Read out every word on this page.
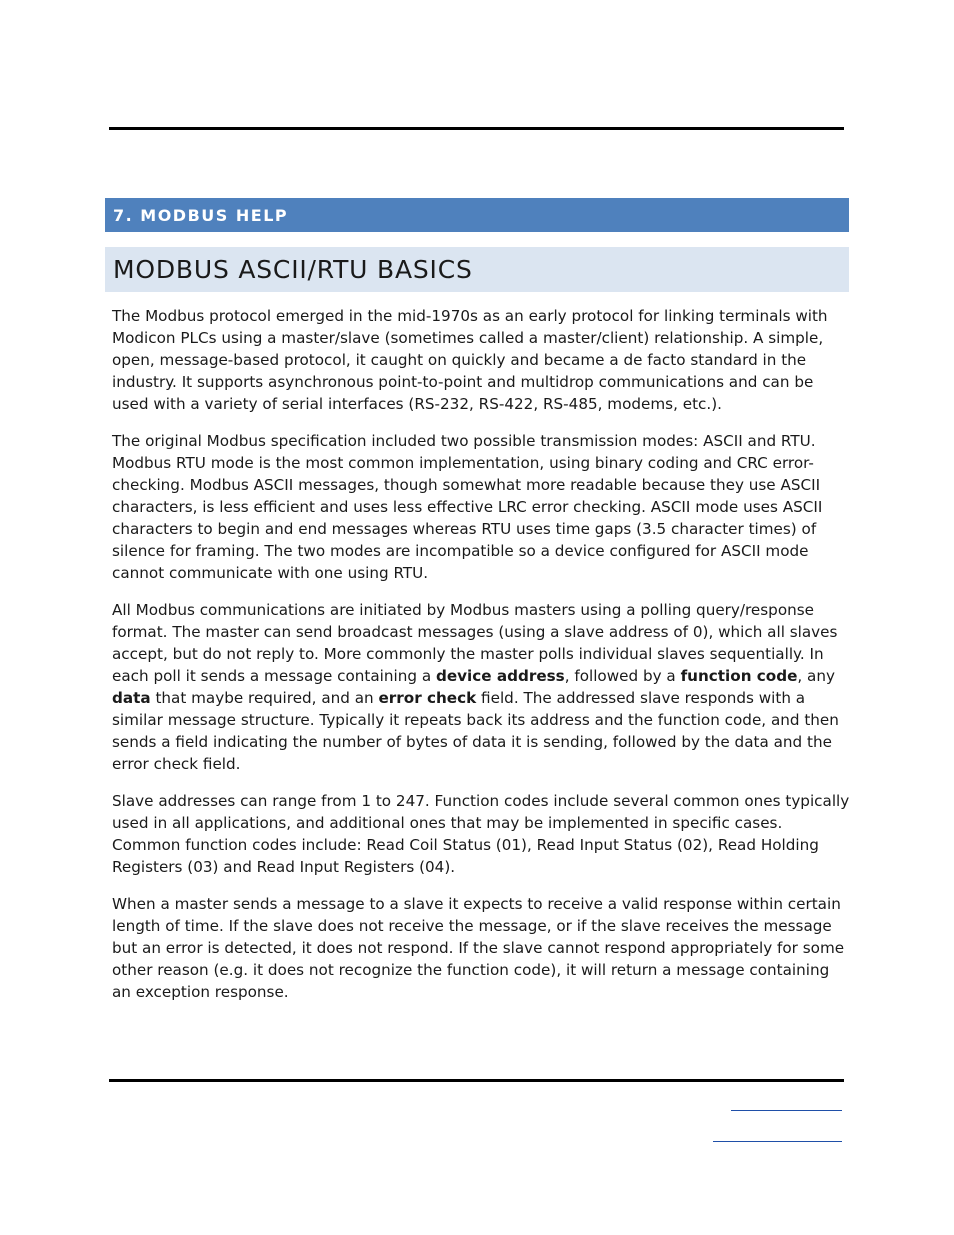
7. MODBUS HELP
MODBUS ASCII/RTU BASICS

The Modbus protocol emerged in the mid-1970s as an early protocol for linking terminals with Modicon PLCs using a master/slave (sometimes called a master/client) relationship. A simple, open, message-based protocol, it caught on quickly and became a de facto standard in the industry. It supports asynchronous point-to-point and multidrop communications and can be used with a variety of serial interfaces (RS-232, RS-422, RS-485, modems, etc.).

The original Modbus specification included two possible transmission modes: ASCII and RTU. Modbus RTU mode is the most common implementation, using binary coding and CRC error-checking. Modbus ASCII messages, though somewhat more readable because they use ASCII characters, is less efficient and uses less effective LRC error checking. ASCII mode uses ASCII characters to begin and end messages whereas RTU uses time gaps (3.5 character times) of silence for framing. The two modes are incompatible so a device configured for ASCII mode cannot communicate with one using RTU.

All Modbus communications are initiated by Modbus masters using a polling query/response format. The master can send broadcast messages (using a slave address of 0), which all slaves accept, but do not reply to. More commonly the master polls individual slaves sequentially. In each poll it sends a message containing a device address, followed by a function code, any data that maybe required, and an error check field. The addressed slave responds with a similar message structure. Typically it repeats back its address and the function code, and then sends a field indicating the number of bytes of data it is sending, followed by the data and the error check field.

Slave addresses can range from 1 to 247. Function codes include several common ones typically used in all applications, and additional ones that may be implemented in specific cases. Common function codes include: Read Coil Status (01), Read Input Status (02), Read Holding Registers (03) and Read Input Registers (04).

When a master sends a message to a slave it expects to receive a valid response within certain length of time. If the slave does not receive the message, or if the slave receives the message but an error is detected, it does not respond. If the slave cannot respond appropriately for some other reason (e.g. it does not recognize the function code), it will return a message containing an exception response.
